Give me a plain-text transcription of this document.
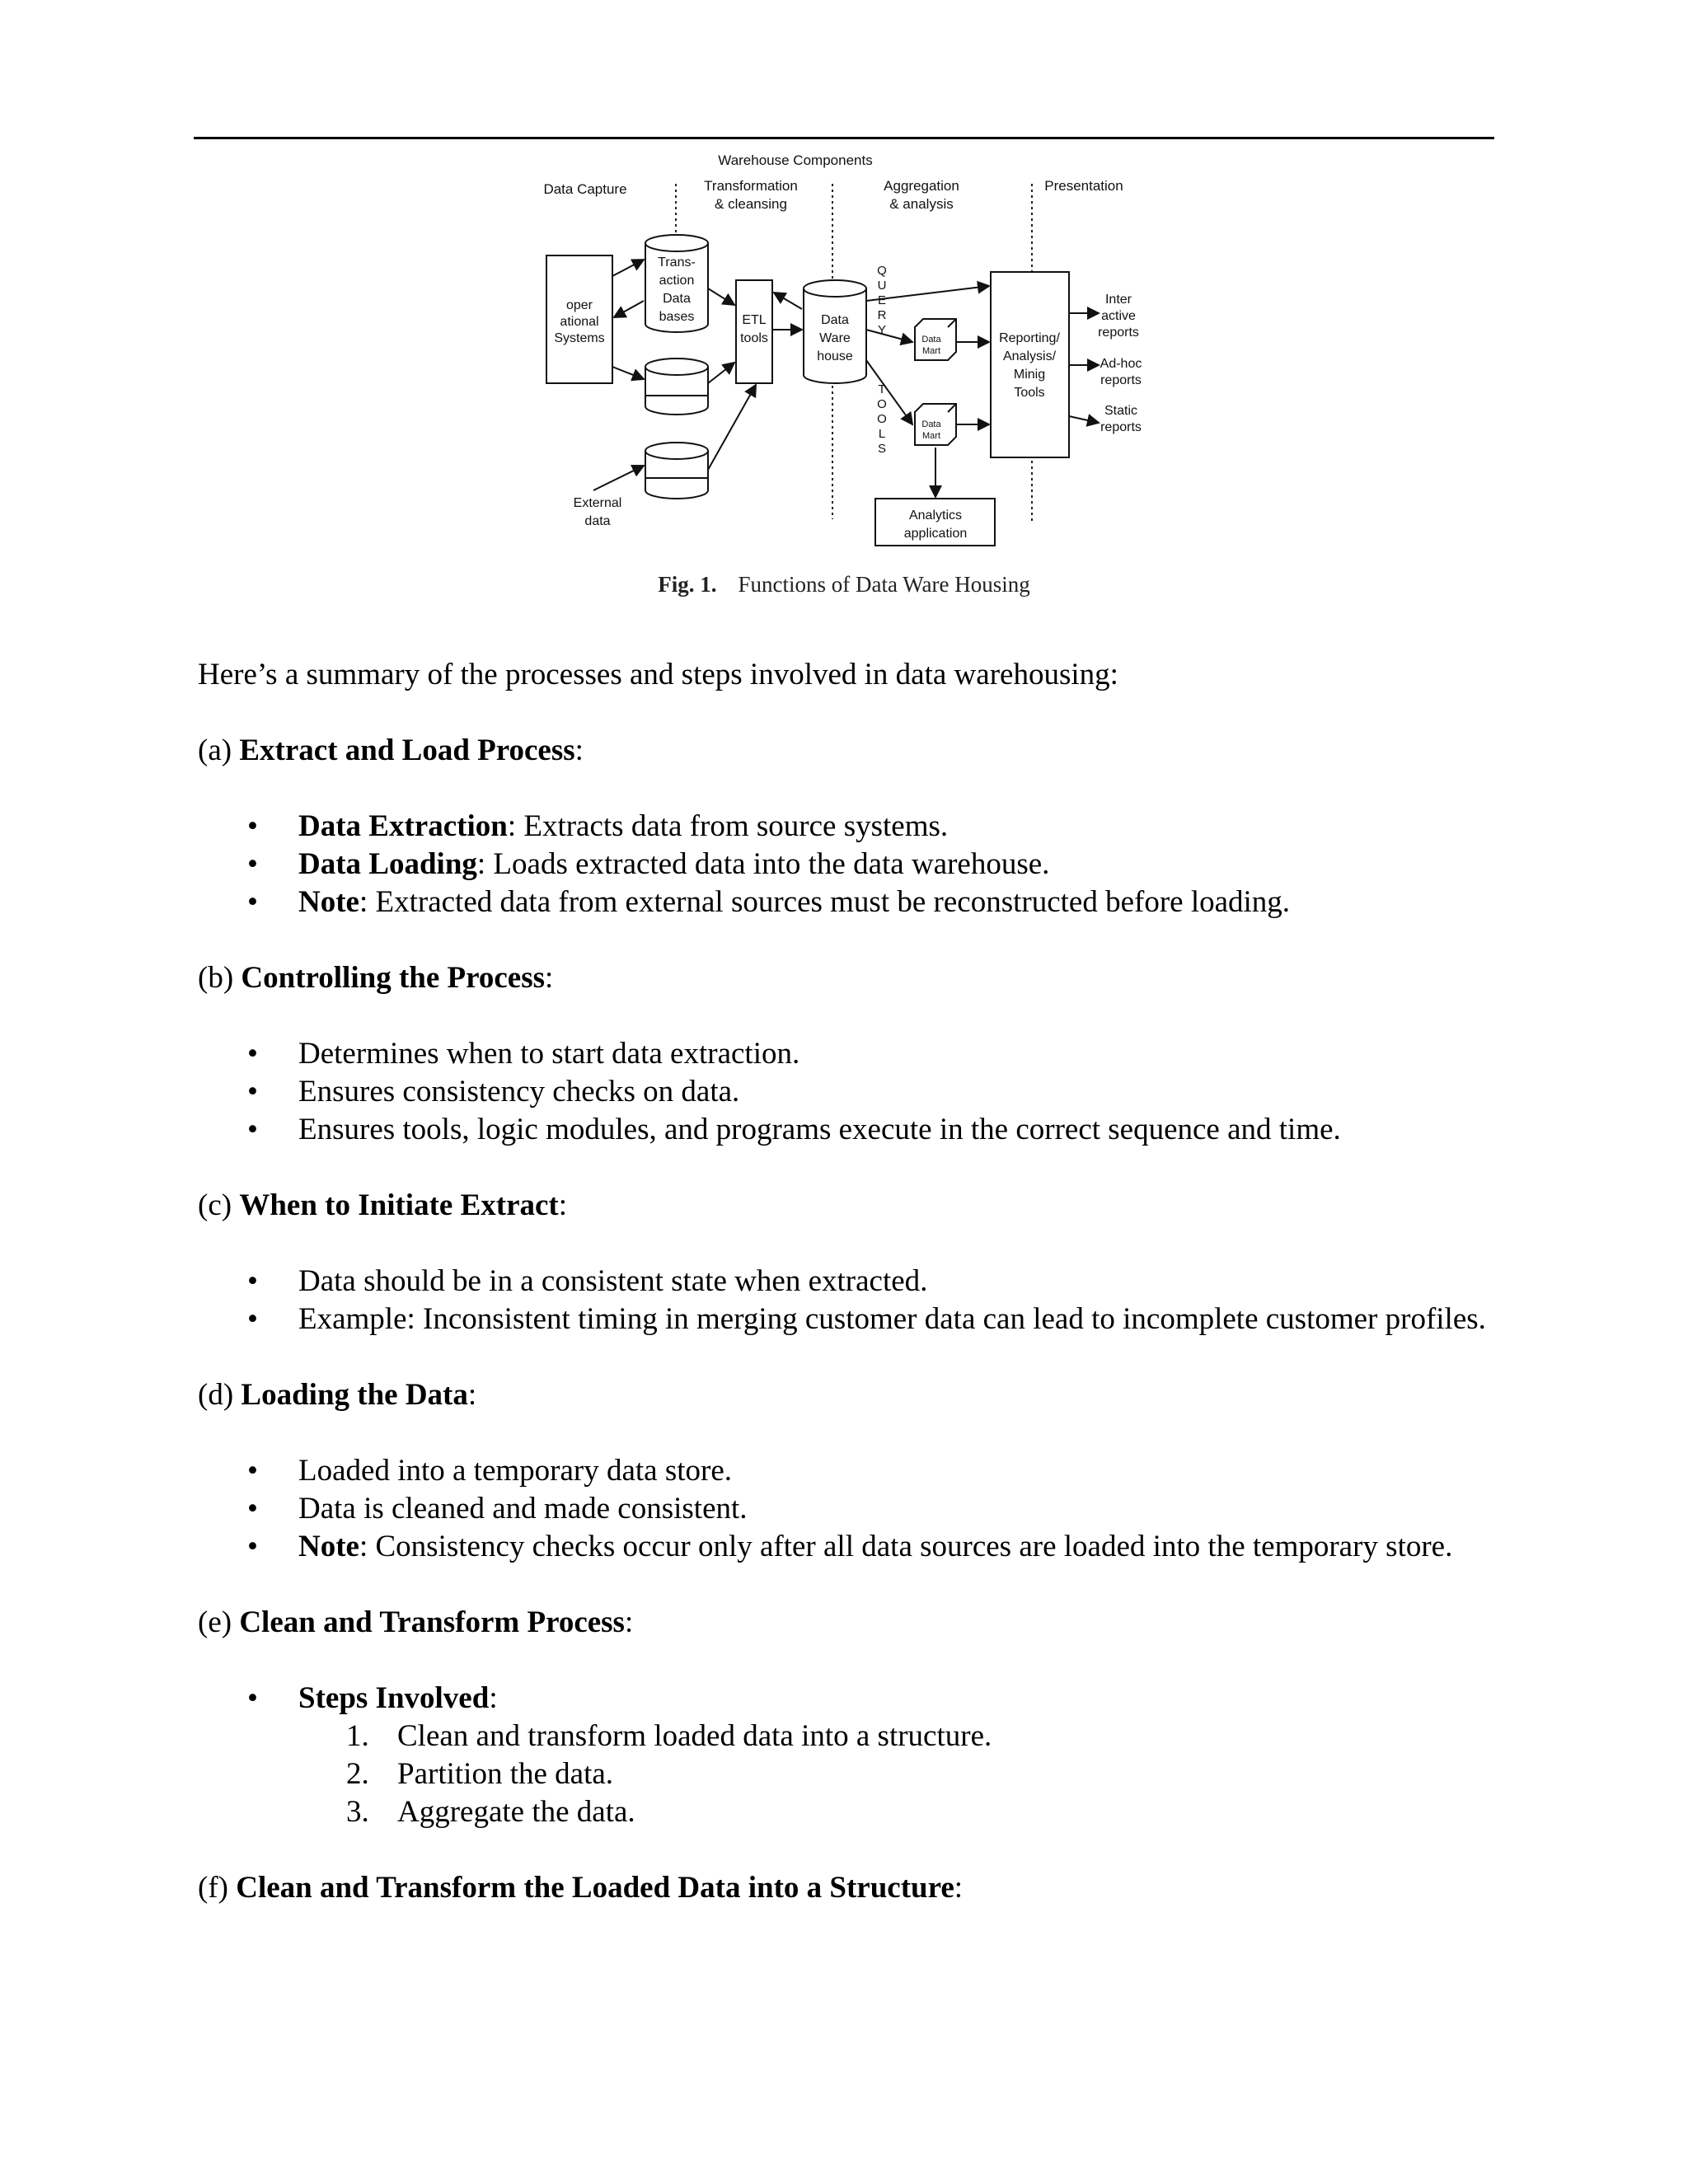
Warehouse Components
Data Capture	Transformation
& cleansing
Aggregation
& analysis
Presentation
oper
ational
Systems
Trans-
action
Data
bases	ETL
tools
Data
Ware
house
Q
U
E
R
Y
T
O
O
L
S
Data
Mart
Data
Mart
Reporting/
Analysis/
Minig
Tools
Inter
active
reports
Ad-hoc
reports
Static
reports
Analytics
application
External
data
Fig. 1. Functions of Data Ware Housing

Here’s a summary of the processes and steps involved in data warehousing:

(a) Extract and Load Process:

• Data Extraction: Extracts data from source systems.
• Data Loading: Loads extracted data into the data warehouse.
• Note: Extracted data from external sources must be reconstructed before loading.

(b) Controlling the Process:

• Determines when to start data extraction.
• Ensures consistency checks on data.
• Ensures tools, logic modules, and programs execute in the correct sequence and time.

(c) When to Initiate Extract:

• Data should be in a consistent state when extracted.
• Example: Inconsistent timing in merging customer data can lead to incomplete customer profiles.

(d) Loading the Data:

• Loaded into a temporary data store.
• Data is cleaned and made consistent.
• Note: Consistency checks occur only after all data sources are loaded into the temporary store.

(e) Clean and Transform Process:

• Steps Involved:
1. Clean and transform loaded data into a structure.
2. Partition the data.
3. Aggregate the data.

(f) Clean and Transform the Loaded Data into a Structure:
